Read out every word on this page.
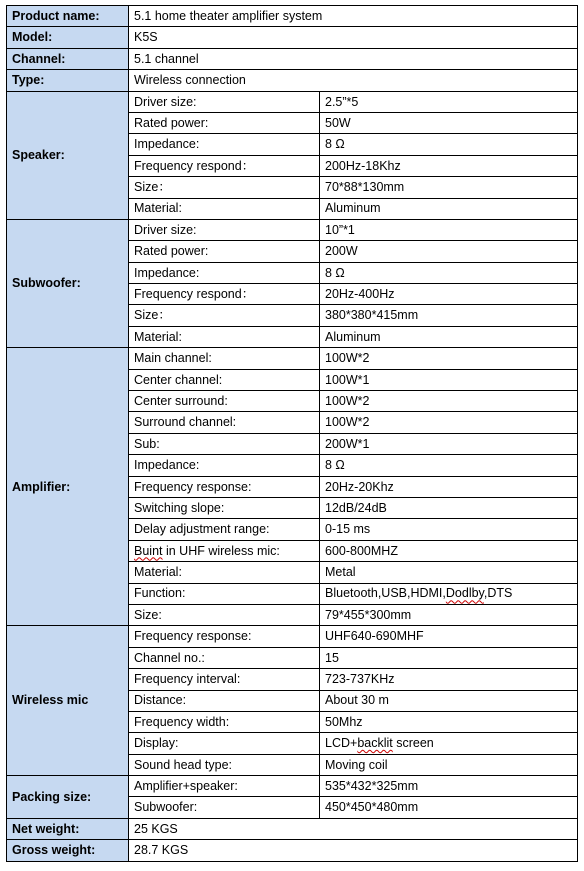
Product name:	5.1 home theater amplifier system	
Model:	K5S	
Channel:	5.1 channel	
Type:	Wireless connection	
Speaker:	Driver size:	2.5”*5
	Rated power:	50W
	Impedance:	8 Ω
	Frequency respond：	200Hz-18Khz
	Size：	70*88*130mm
	Material:	Aluminum
Subwoofer:	Driver size:	10”*1
	Rated power:	200W
	Impedance:	8 Ω
	Frequency respond：	20Hz-400Hz
	Size：	380*380*415mm
	Material:	Aluminum
Amplifier:	Main channel:	100W*2
	Center channel:	100W*1
	Center surround:	100W*2
	Surround channel:	100W*2
	Sub:	200W*1
	Impedance:	8 Ω
	Frequency response:	20Hz-20Khz
	Switching slope:	12dB/24dB
	Delay adjustment range:	0-15 ms
	Buint in UHF wireless mic:	600-800MHZ
	Material:	Metal
	Function:	Bluetooth,USB,HDMI,Dodlby,DTS
	Size:	79*455*300mm
Wireless mic	Frequency response:	UHF640-690MHF
	Channel no.:	15
	Frequency interval:	723-737KHz
	Distance:	About 30 m
	Frequency width:	50Mhz
	Display:	LCD+backlit screen
	Sound head type:	Moving coil
Packing size:	Amplifier+speaker:	535*432*325mm
	Subwoofer:	450*450*480mm
Net weight:	25 KGS	
Gross weight:	28.7 KGS	
